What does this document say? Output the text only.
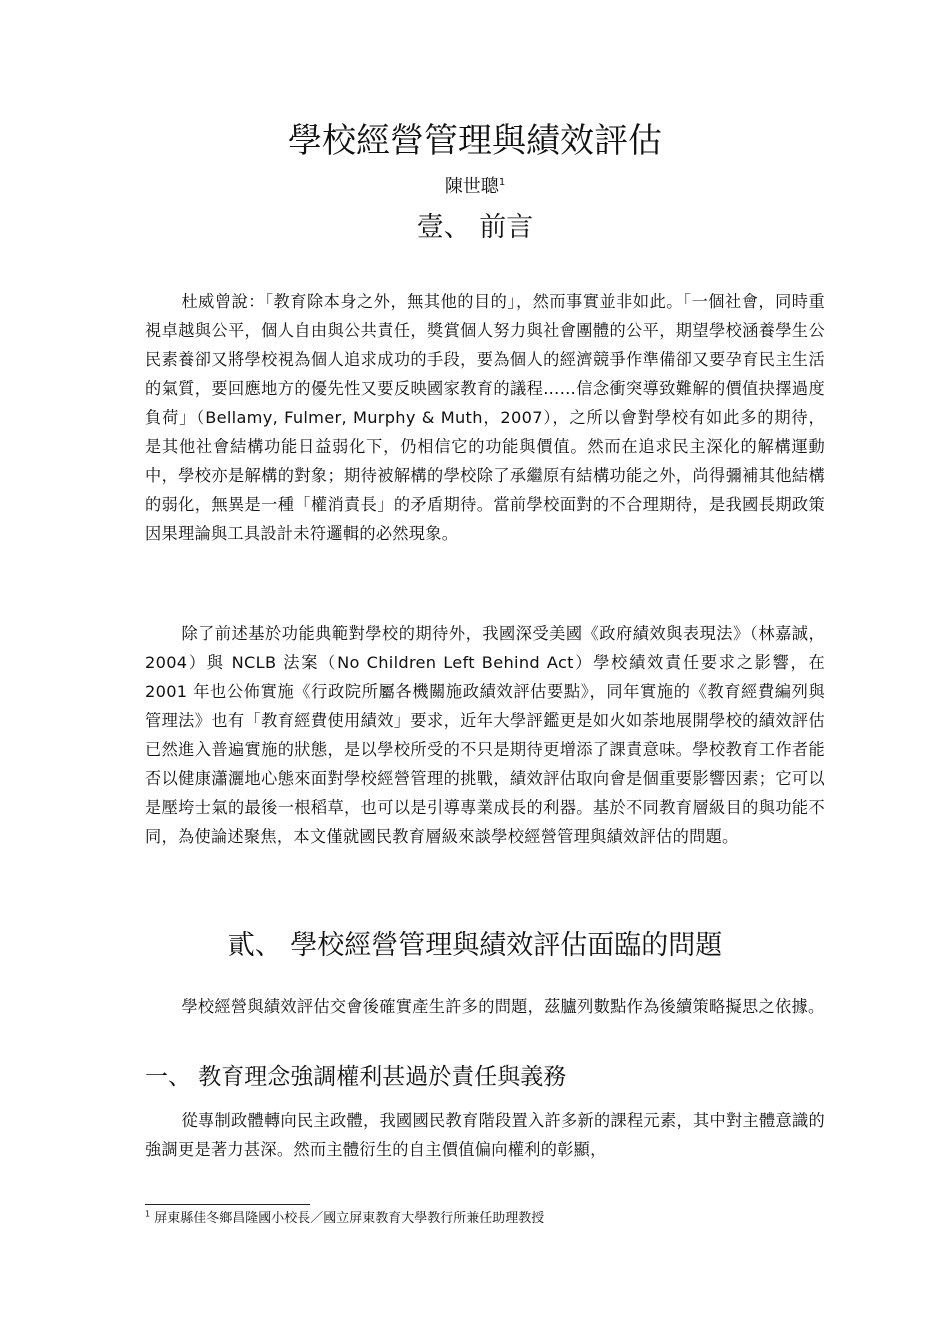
學校經營管理與績效評估
陳世聰$^1$
壹、 前言

杜威曾說：「教育除本身之外，無其他的目的」，然而事實並非如此。「一個社會，同時重視卓越與公平，個人自由與公共責任，獎賞個人努力與社會團體的公平，期望學校涵養學生公民素養卻又將學校視為個人追求成功的手段，要為個人的經濟競爭作準備卻又要孕育民主生活的氣質，要回應地方的優先性又要反映國家教育的議程……信念衝突導致難解的價值抉擇過度負荷」（Bellamy, Fulmer, Murphy & Muth，2007），之所以會對學校有如此多的期待，是其他社會結構功能日益弱化下，仍相信它的功能與價值。然而在追求民主深化的解構運動中，學校亦是解構的對象；期待被解構的學校除了承繼原有結構功能之外，尚得彌補其他結構的弱化，無異是一種「權消責長」的矛盾期待。當前學校面對的不合理期待，是我國長期政策因果理論與工具設計未符邏輯的必然現象。

除了前述基於功能典範對學校的期待外，我國深受美國《政府績效與表現法》（林嘉誠，2004）與 NCLB 法案（No Children Left Behind Act）學校績效責任要求之影響，在 2001 年也公佈實施《行政院所屬各機關施政績效評估要點》，同年實施的《教育經費編列與管理法》也有「教育經費使用績效」要求，近年大學評鑑更是如火如荼地展開學校的績效評估已然進入普遍實施的狀態，是以學校所受的不只是期待更增添了課責意味。學校教育工作者能否以健康瀟灑地心態來面對學校經營管理的挑戰，績效評估取向會是個重要影響因素；它可以是壓垮士氣的最後一根稻草，也可以是引導專業成長的利器。基於不同教育層級目的與功能不同，為使論述聚焦，本文僅就國民教育層級來談學校經營管理與績效評估的問題。

貳、 學校經營管理與績效評估面臨的問題

學校經營與績效評估交會後確實產生許多的問題，茲臚列數點作為後續策略擬思之依據。

一、 教育理念強調權利甚過於責任與義務

從專制政體轉向民主政體，我國國民教育階段置入許多新的課程元素，其中對主體意識的強調更是著力甚深。然而主體衍生的自主價值偏向權利的彰顯，

$^1$ 屏東縣佳冬鄉昌隆國小校長／國立屏東教育大學教行所兼任助理教授
